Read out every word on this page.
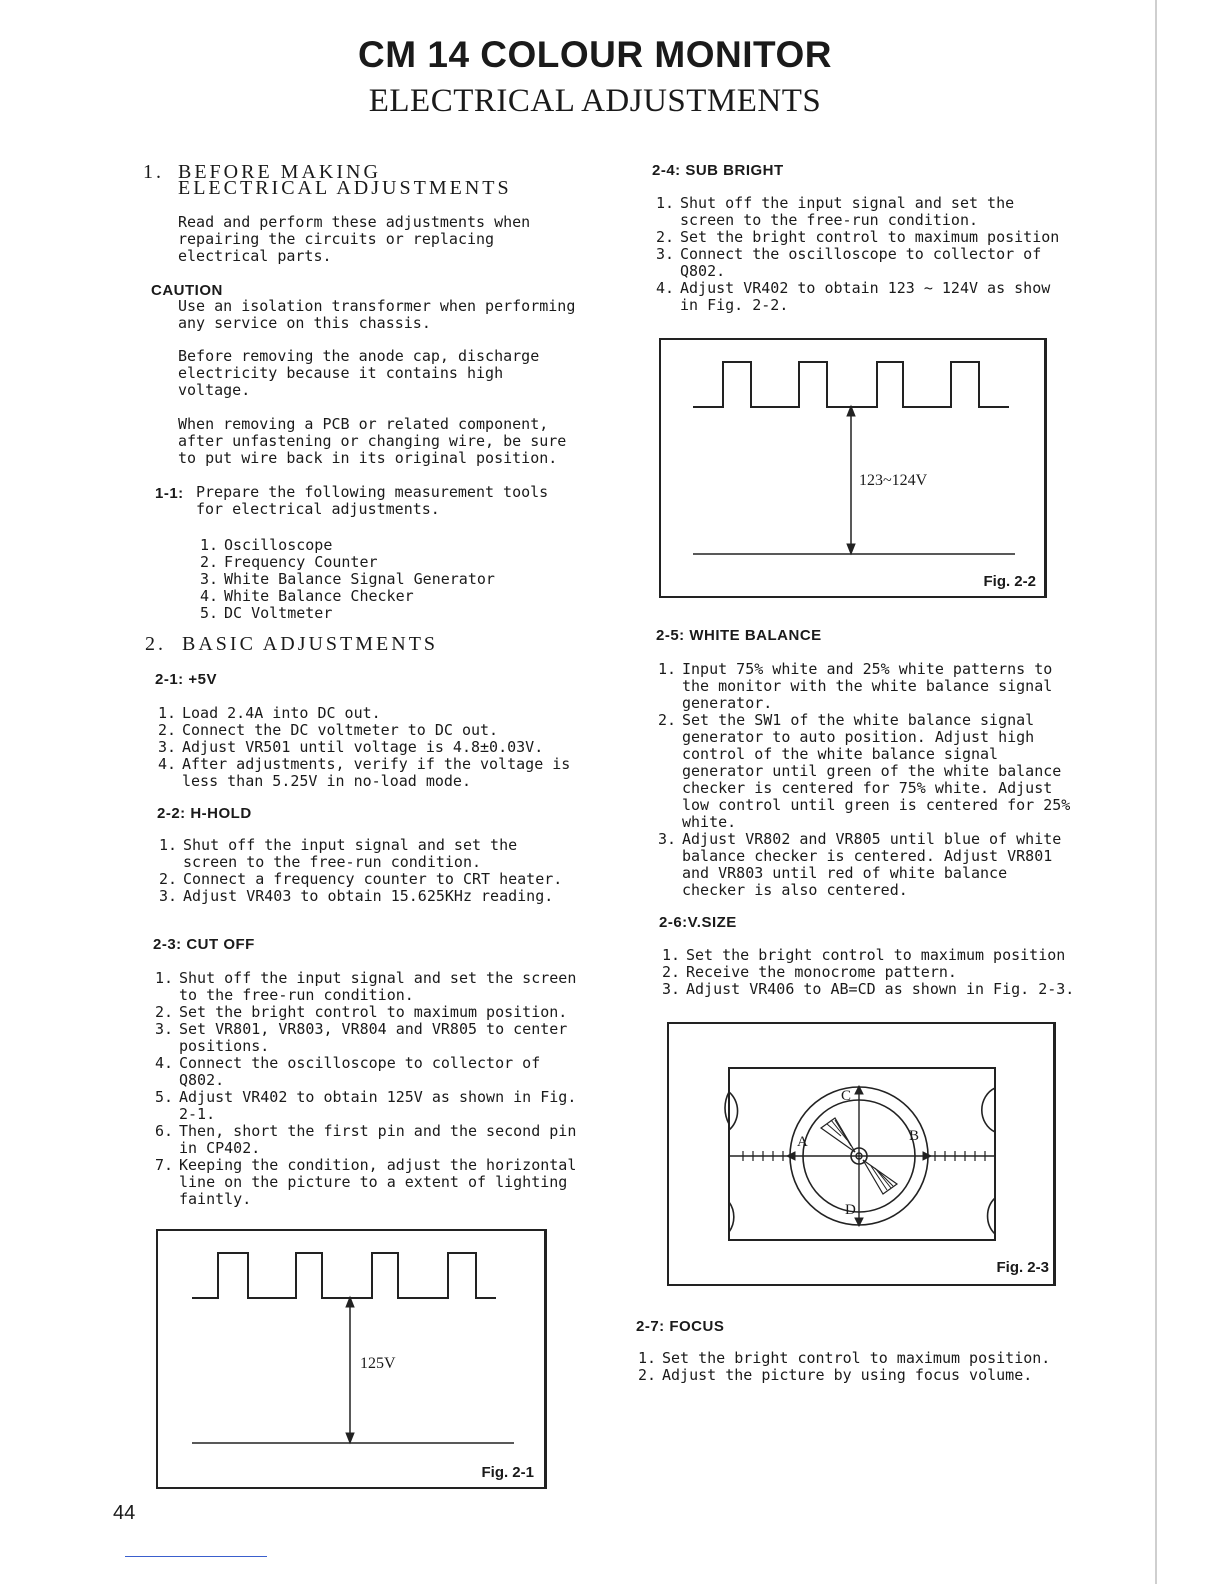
CM 14 COLOUR MONITOR
ELECTRICAL ADJUSTMENTS
1. BEFORE MAKING
ELECTRICAL ADJUSTMENTS
Read and perform these adjustments when
repairing the circuits or replacing
electrical parts.
CAUTION
Use an isolation transformer when performing
any service on this chassis.
Before removing the anode cap, discharge
electricity because it contains high
voltage.
When removing a PCB or related component,
after unfastening or changing wire, be sure
to put wire back in its original position.
1-1: Prepare the following measurement tools
for electrical adjustments.
1. Oscilloscope
2. Frequency Counter
3. White Balance Signal Generator
4. White Balance Checker
5. DC Voltmeter
2. BASIC ADJUSTMENTS
2-1: +5V
1. Load 2.4A into DC out.
2. Connect the DC voltmeter to DC out.
3. Adjust VR501 until voltage is 4.8±0.03V.
4. After adjustments, verify if the voltage is less than 5.25V in no-load mode.
2-2: H-HOLD
1. Shut off the input signal and set the screen to the free-run condition.
2. Connect a frequency counter to CRT heater.
3. Adjust VR403 to obtain 15.625KHz reading.
2-3: CUT OFF
1. Shut off the input signal and set the screen to the free-run condition.
2. Set the bright control to maximum position.
3. Set VR801, VR803, VR804 and VR805 to center positions.
4. Connect the oscilloscope to collector of Q802.
5. Adjust VR402 to obtain 125V as shown in Fig. 2-1.
6. Then, short the first pin and the second pin in CP402.
7. Keeping the condition, adjust the horizontal line on the picture to a extent of lighting faintly.
125V
Fig. 2-1
2-4: SUB BRIGHT
1. Shut off the input signal and set the screen to the free-run condition.
2. Set the bright control to maximum position
3. Connect the oscilloscope to collector of Q802.
4. Adjust VR402 to obtain 123 ~ 124V as show in Fig. 2-2.
123~124V
Fig. 2-2
2-5: WHITE BALANCE
1. Input 75% white and 25% white patterns to the monitor with the white balance signal generator.
2. Set the SW1 of the white balance signal generator to auto position. Adjust high control of the white balance signal generator until green of the white balance checker is centered for 75% white. Adjust low control until green is centered for 25% white.
3. Adjust VR802 and VR805 until blue of white balance checker is centered. Adjust VR801 and VR803 until red of white balance checker is also centered.
2-6:V.SIZE
1. Set the bright control to maximum position
2. Receive the monocrome pattern.
3. Adjust VR406 to AB=CD as shown in Fig. 2-3.
C
D
A	B
Fig. 2-3
2-7: FOCUS
1. Set the bright control to maximum position.
2. Adjust the picture by using focus volume.
44
